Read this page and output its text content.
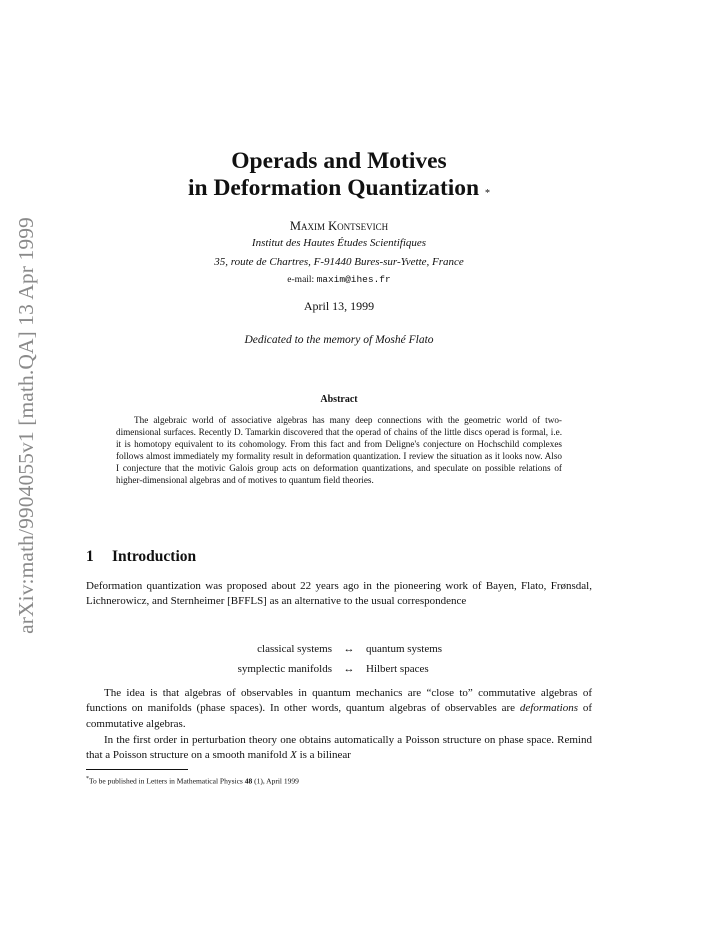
arXiv:math/9904055v1 [math.QA] 13 Apr 1999
Operads and Motives
in Deformation Quantization *
Maxim Kontsevich
Institut des Hautes Études Scientifiques
35, route de Chartres, F-91440 Bures-sur-Yvette, France
e-mail: maxim@ihes.fr
April 13, 1999
Dedicated to the memory of Moshé Flato
Abstract
The algebraic world of associative algebras has many deep connections with the geometric world of two-dimensional surfaces. Recently D. Tamarkin discovered that the operad of chains of the little discs operad is formal, i.e. it is homotopy equivalent to its cohomology. From this fact and from Deligne's conjecture on Hochschild complexes follows almost immediately my formality result in deformation quantization. I review the situation as it looks now. Also I conjecture that the motivic Galois group acts on deformation quantizations, and speculate on possible relations of higher-dimensional algebras and of motives to quantum field theories.
1 Introduction
Deformation quantization was proposed about 22 years ago in the pioneering work of Bayen, Flato, Frønsdal, Lichnerowicz, and Sternheimer [BFFLS] as an alternative to the usual correspondence
classical systems	↔	quantum systems
symplectic manifolds	↔	Hilbert spaces
The idea is that algebras of observables in quantum mechanics are “close to” commutative algebras of functions on manifolds (phase spaces). In other words, quantum algebras of observables are deformations of commutative algebras.
In the first order in perturbation theory one obtains automatically a Poisson structure on phase space. Remind that a Poisson structure on a smooth manifold X is a bilinear
*To be published in Letters in Mathematical Physics 48 (1), April 1999
